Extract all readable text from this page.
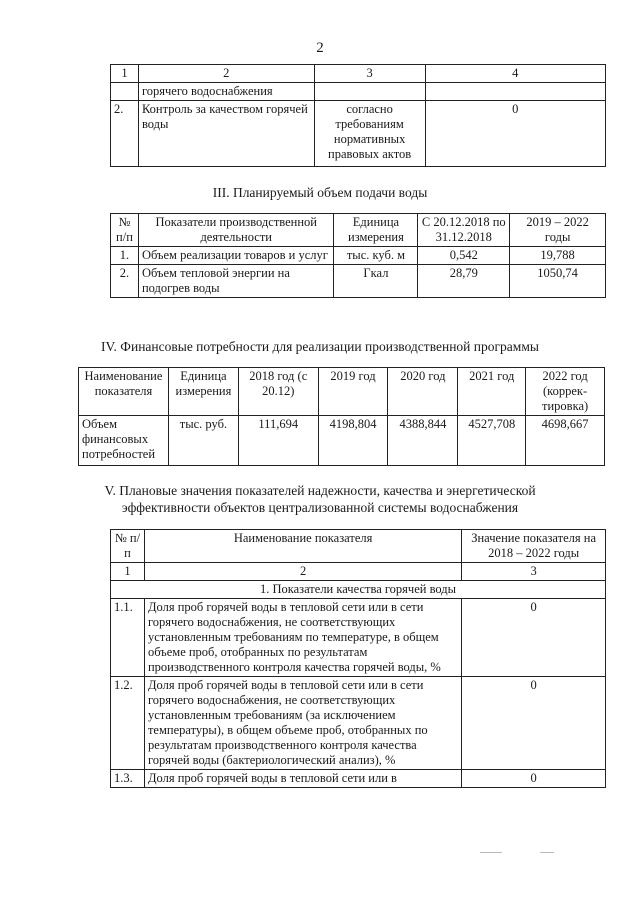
2
1	2	3	4
	горячего водоснабжения		
2.	Контроль за качеством горячей воды	согласно требованиям нормативных правовых актов	0
III. Планируемый объем подачи воды
№ п/п	Показатели производственной деятельности	Единица измерения	С 20.12.2018 по 31.12.2018	2019 – 2022 годы
1.	Объем реализации товаров и услуг	тыс. куб. м	0,542	19,788
2.	Объем тепловой энергии на подогрев воды	Гкал	28,79	1050,74
IV. Финансовые потребности для реализации производственной программы
Наименование показателя	Единица измерения	2018 год (с 20.12)	2019 год	2020 год	2021 год	2022 год (коррек-тировка)
Объем финансовых потребностей	тыс. руб.	111,694	4198,804	4388,844	4527,708	4698,667
V. Плановые значения показателей надежности, качества и энергетической
эффективности объектов централизованной системы водоснабжения
№ п/п	Наименование показателя	Значение показателя на 2018 – 2022 годы
1	2	3
1. Показатели качества горячей воды		
1.1.	Доля проб горячей воды в тепловой сети или в сети горячего водоснабжения, не соответствующих установленным требованиям по температуре, в общем объеме проб, отобранных по результатам производственного контроля качества горячей воды, %	0
1.2.	Доля проб горячей воды в тепловой сети или в сети горячего водоснабжения, не соответствующих установленным требованиям (за исключением температуры), в общем объеме проб, отобранных по результатам производственного контроля качества горячей воды (бактериологический анализ), %	0
1.3.	Доля проб горячей воды в тепловой сети или в	0
